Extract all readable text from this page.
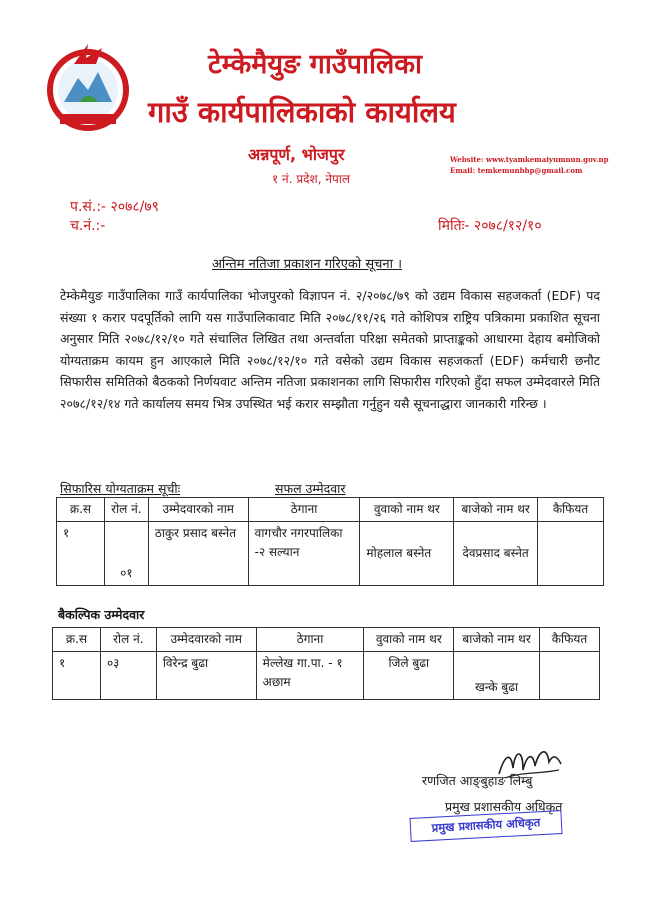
टेम्केमैयुङ गाउँपालिका
गाउँ कार्यपालिकाको कार्यालय
अन्नपूर्ण, भोजपुर
१ नं. प्रदेश, नेपाल
Website: www.tyamkemaiyumnun.gov.np
Email: temkemunbhp@gmail.com
प.सं.:- २०७८/७९
च.नं.:-	मितिः- २०७८/१२/१०
अन्तिम नतिजा प्रकाशन गरिएको सूचना ।
टेम्केमैयुङ गाउँपालिका गाउँ कार्यपालिका भोजपुरको विज्ञापन नं. २/२०७८/७९ को उद्यम विकास सहजकर्ता (EDF) पद संख्या १ करार पदपूर्तिको लागि यस गाउँपालिकावाट मिति २०७८/११/२६ गते कोशिपत्र राष्ट्रिय पत्रिकामा प्रकाशित सूचना अनुसार मिति २०७८/१२/१० गते संचालित लिखित तथा अन्तर्वाता परिक्षा समेतको प्राप्ताङ्कको आधारमा देहाय बमोजिको योग्यताक्रम कायम हुन आएकाले मिति २०७८/१२/१० गते वसेको उद्यम विकास सहजकर्ता (EDF) कर्मचारी छनौट सिफारीस समितिको बैठकको निर्णयवाट अन्तिम नतिजा प्रकाशनका लागि सिफारीस गरिएको हुँदा सफल उम्मेदवारले मिति २०७८/१२/१४ गते कार्यालय समय भित्र उपस्थित भई करार सम्झौता गर्नुहुन यसै सूचनाद्धारा जानकारी गरिन्छ ।
सिफारिस योग्यताक्रम सूचीः	सफल उम्मेदवार
क्र.स	रोल नं.	उम्मेदवारको नाम	ठेगाना	वुवाको नाम थर	बाजेको नाम थर	कैफियत
१	०१	ठाकुर प्रसाद बस्नेत	वागचौर नगरपालिका -२ सल्यान	मोहलाल बस्नेत	देवप्रसाद बस्नेत	
बैकल्पिक उम्मेदवार
क्र.स	रोल नं.	उम्मेदवारको नाम	ठेगाना	वुवाको नाम थर	बाजेको नाम थर	कैफियत
१	०३	विरेन्द्र बुढा	मेल्लेख गा.पा. - १ अछाम	जिले बुढा	खन्के बुढा	
रणजित आङ्बुहाङ लिम्बु
प्रमुख प्रशासकीय अधिकृत
प्रमुख प्रशासकीय अधिकृत
